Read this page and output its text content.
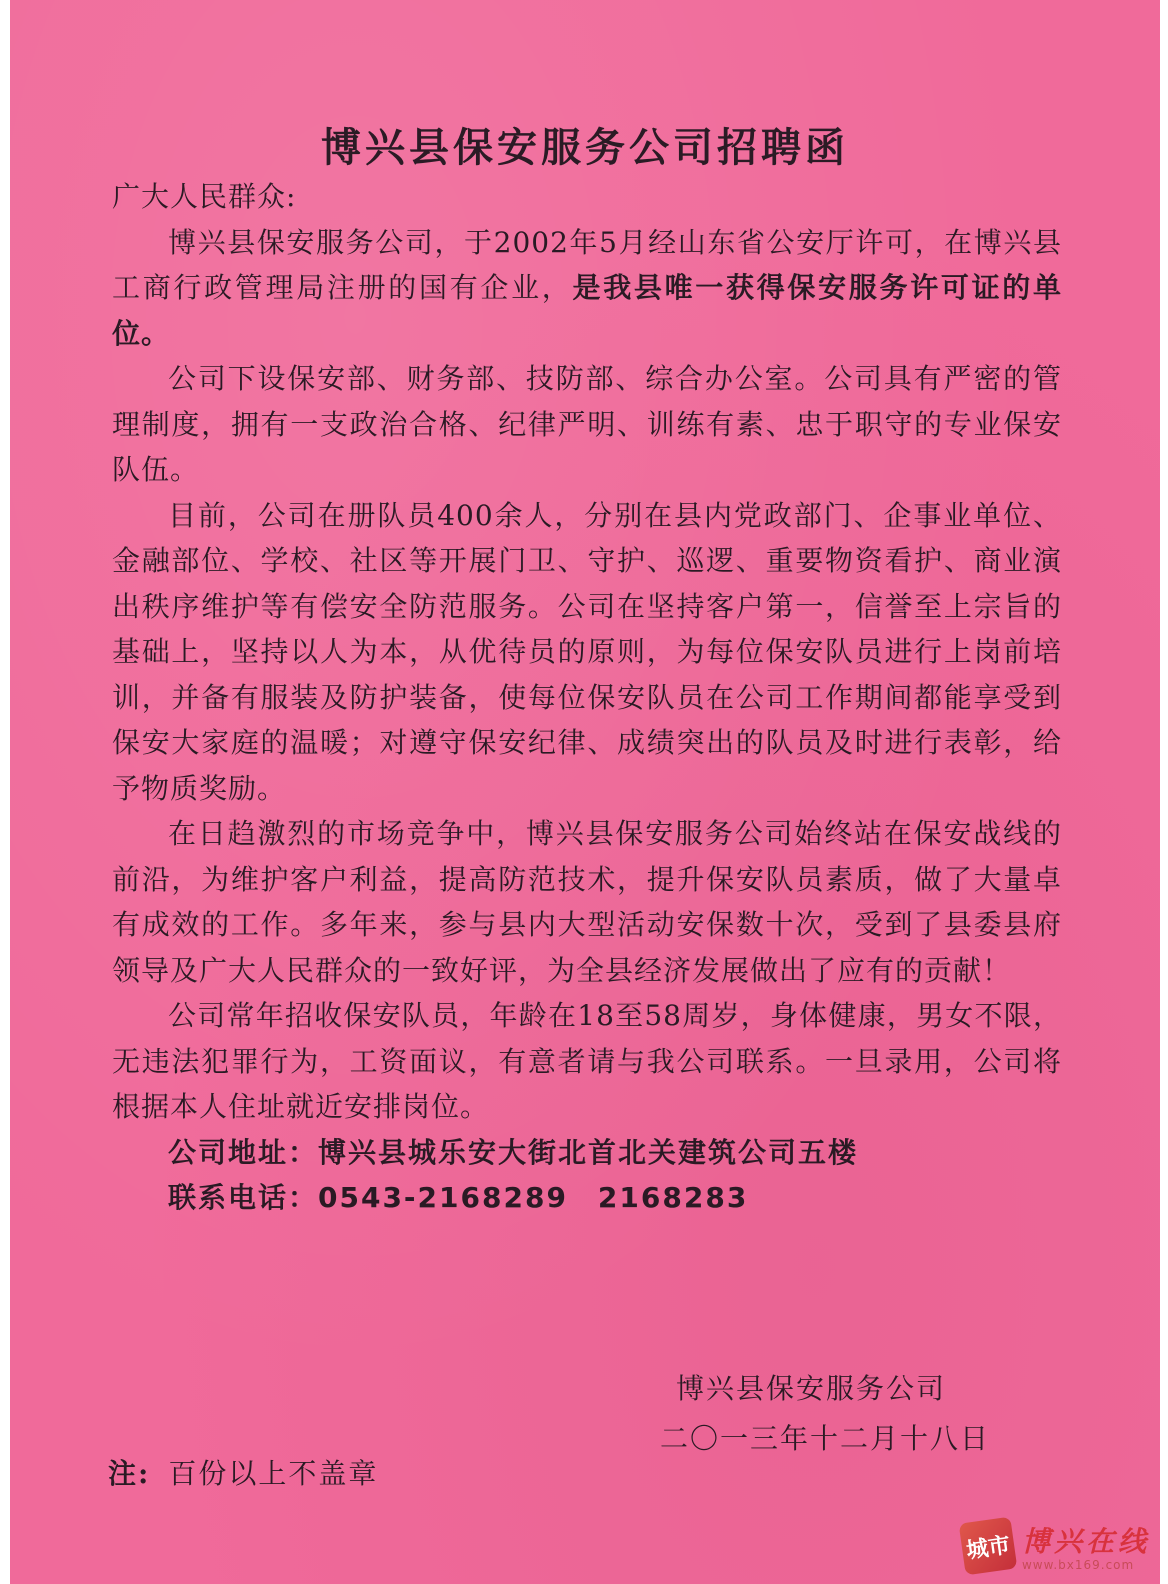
博兴县保安服务公司招聘函

广大人民群众:

博兴县保安服务公司，于2002年5月经山东省公安厅许可，在博兴县工商行政管理局注册的国有企业，是我县唯一获得保安服务许可证的单位。

公司下设保安部、财务部、技防部、综合办公室。公司具有严密的管理制度，拥有一支政治合格、纪律严明、训练有素、忠于职守的专业保安队伍。

目前，公司在册队员400余人，分别在县内党政部门、企事业单位、金融部位、学校、社区等开展门卫、守护、巡逻、重要物资看护、商业演出秩序维护等有偿安全防范服务。公司在坚持客户第一，信誉至上宗旨的基础上，坚持以人为本，从优待员的原则，为每位保安队员进行上岗前培训，并备有服装及防护装备，使每位保安队员在公司工作期间都能享受到保安大家庭的温暖；对遵守保安纪律、成绩突出的队员及时进行表彰，给予物质奖励。

在日趋激烈的市场竞争中，博兴县保安服务公司始终站在保安战线的前沿，为维护客户利益，提高防范技术，提升保安队员素质，做了大量卓有成效的工作。多年来，参与县内大型活动安保数十次，受到了县委县府领导及广大人民群众的一致好评，为全县经济发展做出了应有的贡献！

公司常年招收保安队员，年龄在18至58周岁，身体健康，男女不限，无违法犯罪行为，工资面议，有意者请与我公司联系。一旦录用，公司将根据本人住址就近安排岗位。

公司地址：博兴县城乐安大街北首北关建筑公司五楼

联系电话：0543-2168289　2168283

博兴县保安服务公司
二〇一三年十二月十八日
注: 百份以上不盖章
城市 博兴在线
www.bx169.com
